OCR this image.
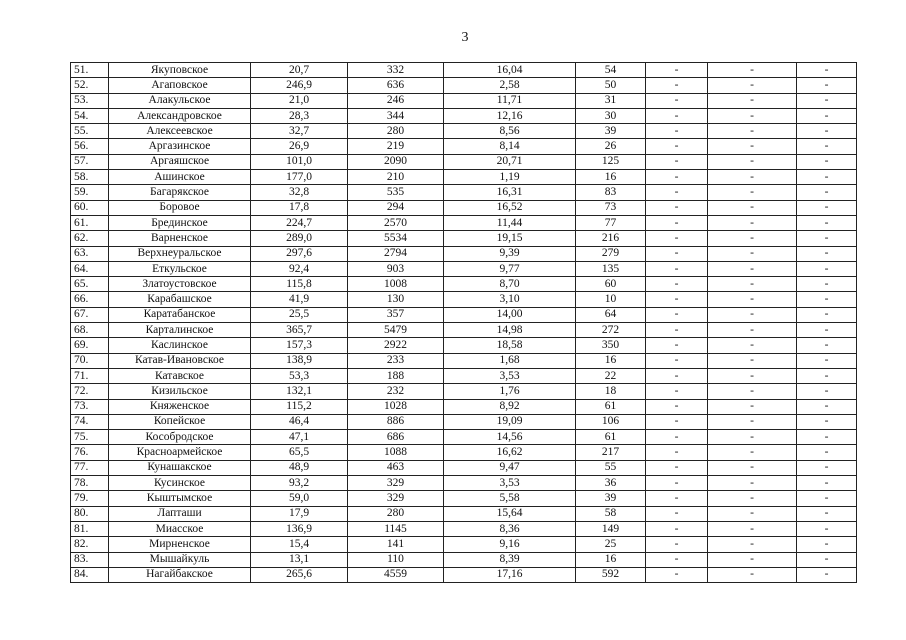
3
51.	Якуповское	20,7	332	16,04	54	-	-	-
52.	Агаповское	246,9	636	2,58	50	-	-	-
53.	Алакульское	21,0	246	11,71	31	-	-	-
54.	Александровское	28,3	344	12,16	30	-	-	-
55.	Алексеевское	32,7	280	8,56	39	-	-	-
56.	Аргазинское	26,9	219	8,14	26	-	-	-
57.	Аргаяшское	101,0	2090	20,71	125	-	-	-
58.	Ашинское	177,0	210	1,19	16	-	-	-
59.	Багарякское	32,8	535	16,31	83	-	-	-
60.	Боровое	17,8	294	16,52	73	-	-	-
61.	Брединское	224,7	2570	11,44	77	-	-	-
62.	Варненское	289,0	5534	19,15	216	-	-	-
63.	Верхнеуральское	297,6	2794	9,39	279	-	-	-
64.	Еткульское	92,4	903	9,77	135	-	-	-
65.	Златоустовское	115,8	1008	8,70	60	-	-	-
66.	Карабашское	41,9	130	3,10	10	-	-	-
67.	Каратабанское	25,5	357	14,00	64	-	-	-
68.	Карталинское	365,7	5479	14,98	272	-	-	-
69.	Каслинское	157,3	2922	18,58	350	-	-	-
70.	Катав-Ивановское	138,9	233	1,68	16	-	-	-
71.	Катавское	53,3	188	3,53	22	-	-	-
72.	Кизильское	132,1	232	1,76	18	-	-	-
73.	Княженское	115,2	1028	8,92	61	-	-	-
74.	Копейское	46,4	886	19,09	106	-	-	-
75.	Кособродское	47,1	686	14,56	61	-	-	-
76.	Красноармейское	65,5	1088	16,62	217	-	-	-
77.	Кунашакское	48,9	463	9,47	55	-	-	-
78.	Кусинское	93,2	329	3,53	36	-	-	-
79.	Кыштымское	59,0	329	5,58	39	-	-	-
80.	Лапташи	17,9	280	15,64	58	-	-	-
81.	Миасское	136,9	1145	8,36	149	-	-	-
82.	Мирненское	15,4	141	9,16	25	-	-	-
83.	Мышайкуль	13,1	110	8,39	16	-	-	-
84.	Нагайбакское	265,6	4559	17,16	592	-	-	-
